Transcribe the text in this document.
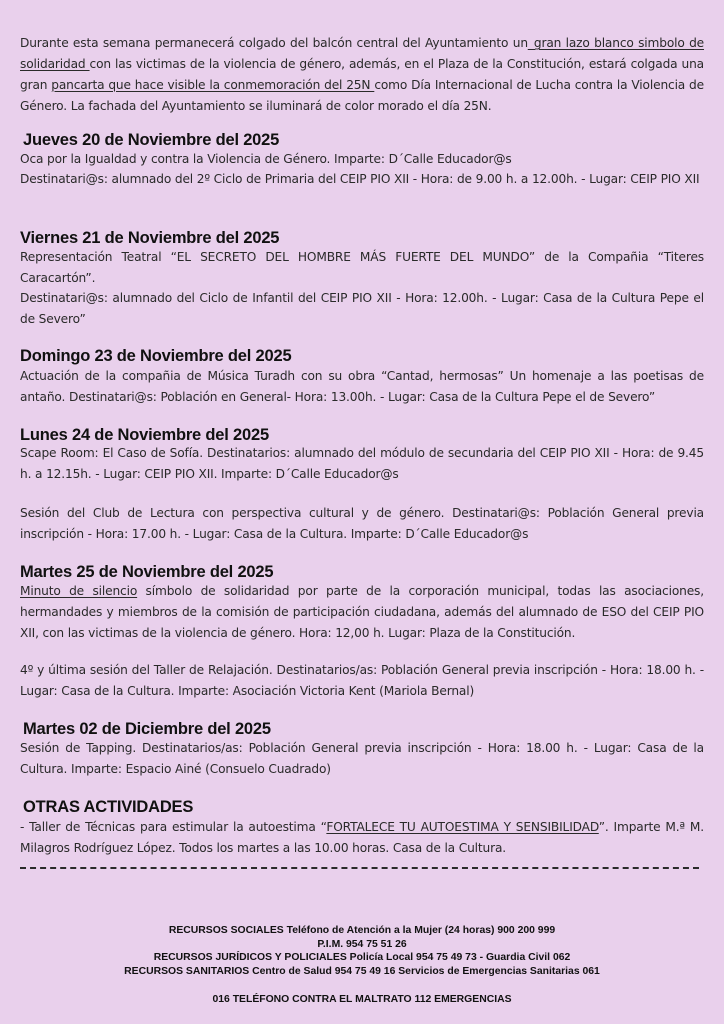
Durante esta semana permanecerá colgado del balcón central del Ayuntamiento un_gran lazo blanco simbolo de solidaridad con las victimas de la violencia de género, además, en el Plaza de la Constitución, estará colgada una gran pancarta que hace visible la conmemoración del 25N como Día Internacional de Lucha contra la Violencia de Género. La fachada del Ayuntamiento se iluminará de color morado el día 25N.
Jueves 20 de Noviembre del 2025
Oca por la Igualdad y contra la Violencia de Género. Imparte: D´Calle Educador@s
Destinatari@s: alumnado del 2º Ciclo de Primaria del CEIP PIO XII - Hora: de 9.00 h. a 12.00h. - Lugar: CEIP PIO XII
Viernes 21 de Noviembre del 2025
Representación Teatral “EL SECRETO DEL HOMBRE MÁS FUERTE DEL MUNDO” de la Compañia “Titeres Caracartón”.
Destinatari@s: alumnado del Ciclo de Infantil del CEIP PIO XII - Hora: 12.00h. - Lugar: Casa de la Cultura Pepe el de Severo”
Domingo 23 de Noviembre del 2025
Actuación de la compañia de Música Turadh con su obra “Cantad, hermosas” Un homenaje a las poetisas de antaño. Destinatari@s: Población en General- Hora: 13.00h. - Lugar: Casa de la Cultura Pepe el de Severo”
Lunes 24 de Noviembre del 2025
Scape Room: El Caso de Sofía. Destinatarios: alumnado del módulo de secundaria del CEIP PIO XII - Hora: de 9.45 h. a 12.15h. - Lugar: CEIP PIO XII. Imparte: D´Calle Educador@s
Sesión del Club de Lectura con perspectiva cultural y de género. Destinatari@s: Población General previa inscripción - Hora: 17.00 h. - Lugar: Casa de la Cultura. Imparte: D´Calle Educador@s
Martes 25 de Noviembre del 2025
Minuto de silencio símbolo de solidaridad por parte de la corporación municipal, todas las asociaciones, hermandades y miembros de la comisión de participación ciudadana, además del alumnado de ESO del CEIP PIO XII, con las victimas de la violencia de género. Hora: 12,00 h. Lugar: Plaza de la Constitución.
4º y última sesión del Taller de Relajación. Destinatarios/as: Población General previa inscripción - Hora: 18.00 h. - Lugar: Casa de la Cultura. Imparte: Asociación Victoria Kent (Mariola Bernal)
Martes 02 de Diciembre del 2025
Sesión de Tapping. Destinatarios/as: Población General previa inscripción - Hora: 18.00 h. - Lugar: Casa de la Cultura. Imparte: Espacio Ainé (Consuelo Cuadrado)
OTRAS ACTIVIDADES
- Taller de Técnicas para estimular la autoestima “FORTALECE TU AUTOESTIMA Y SENSIBILIDAD”. Imparte M.ª M. Milagros Rodríguez López. Todos los martes a las 10.00 horas. Casa de la Cultura.
RECURSOS SOCIALES Teléfono de Atención a la Mujer (24 horas) 900 200 999
P.I.M. 954 75 51 26
RECURSOS JURÍDICOS Y POLICIALES Policía Local 954 75 49 73 - Guardia Civil 062
RECURSOS SANITARIOS Centro de Salud 954 75 49 16 Servicios de Emergencias Sanitarias 061
016 TELÉFONO CONTRA EL MALTRATO 112 EMERGENCIAS
